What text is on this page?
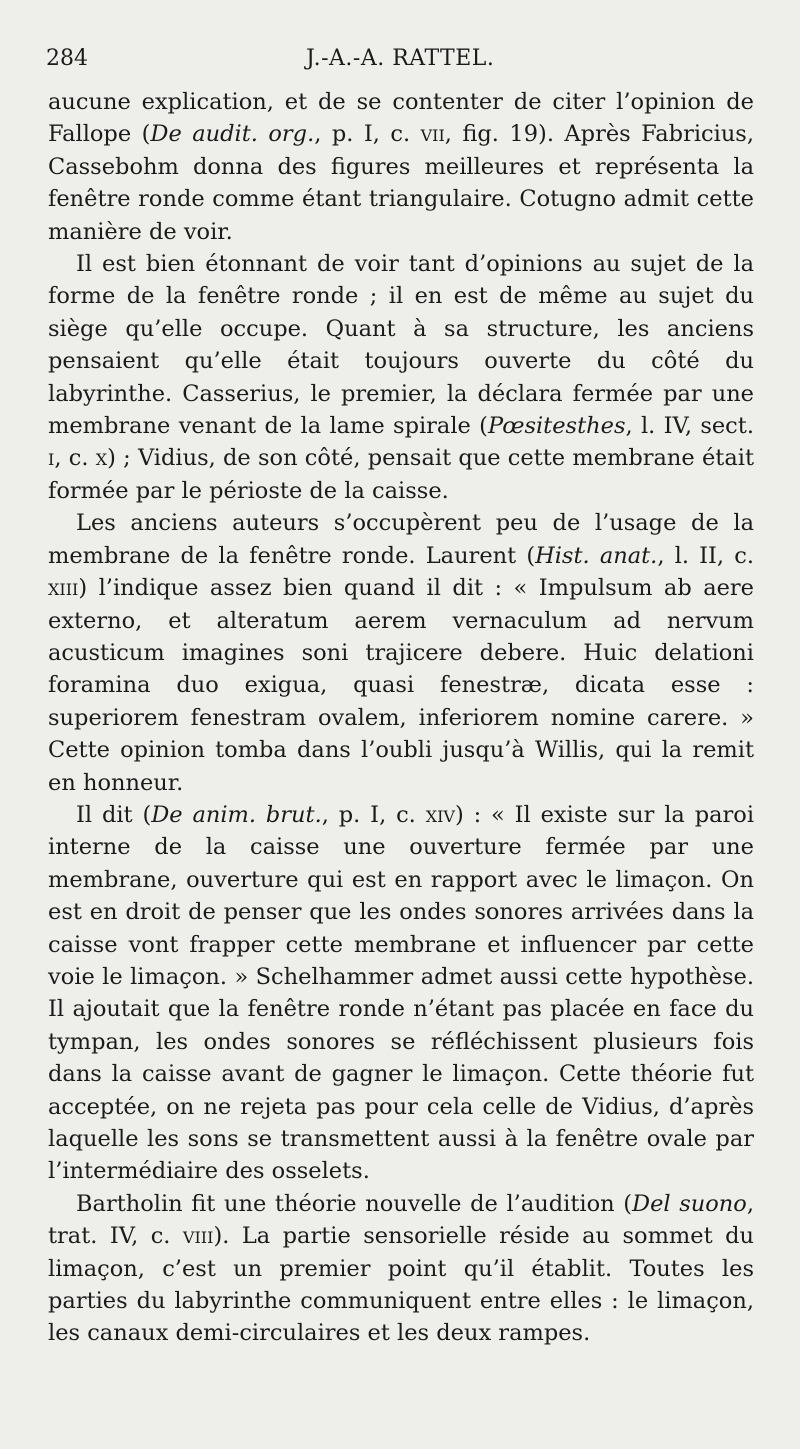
284	J.-A.-A. RATTEL.

aucune explication, et de se contenter de citer l’opinion de Fallope (De audit. org., p. I, c. vii, fig. 19). Après Fabricius, Cassebohm donna des figures meilleures et représenta la fenêtre ronde comme étant triangulaire. Cotugno admit cette manière de voir.

Il est bien étonnant de voir tant d’opinions au sujet de la forme de la fenêtre ronde ; il en est de même au sujet du siège qu’elle occupe. Quant à sa structure, les anciens pensaient qu’elle était toujours ouverte du côté du labyrinthe. Casserius, le premier, la déclara fermée par une membrane venant de la lame spirale (Pœsitesthes, l. IV, sect. i, c. x) ; Vidius, de son côté, pensait que cette membrane était formée par le périoste de la caisse.

Les anciens auteurs s’occupèrent peu de l’usage de la membrane de la fenêtre ronde. Laurent (Hist. anat., l. II, c. xiii) l’indique assez bien quand il dit : « Impulsum ab aere externo, et alteratum aerem vernaculum ad nervum acusticum imagines soni trajicere debere. Huic delationi foramina duo exigua, quasi fenestræ, dicata esse : superiorem fenestram ovalem, inferiorem nomine carere. » Cette opinion tomba dans l’oubli jusqu’à Willis, qui la remit en honneur.

Il dit (De anim. brut., p. I, c. xiv) : « Il existe sur la paroi interne de la caisse une ouverture fermée par une membrane, ouverture qui est en rapport avec le limaçon. On est en droit de penser que les ondes sonores arrivées dans la caisse vont frapper cette membrane et influencer par cette voie le limaçon. » Schelhammer admet aussi cette hypothèse. Il ajoutait que la fenêtre ronde n’étant pas placée en face du tympan, les ondes sonores se réfléchissent plusieurs fois dans la caisse avant de gagner le limaçon. Cette théorie fut acceptée, on ne rejeta pas pour cela celle de Vidius, d’après laquelle les sons se transmettent aussi à la fenêtre ovale par l’intermédiaire des osselets.

Bartholin fit une théorie nouvelle de l’audition (Del suono, trat. IV, c. viii). La partie sensorielle réside au sommet du limaçon, c’est un premier point qu’il établit. Toutes les parties du labyrinthe communiquent entre elles : le limaçon, les canaux demi-circulaires et les deux rampes.
